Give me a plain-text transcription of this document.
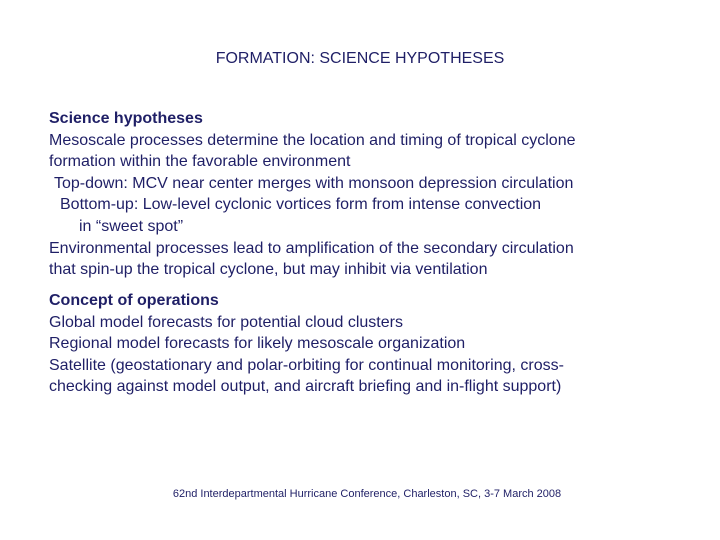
FORMATION: SCIENCE HYPOTHESES

Science hypotheses

Mesoscale processes determine the location and timing of tropical cyclone

formation within the favorable environment

Top-down: MCV near center merges with monsoon depression circulation

Bottom-up: Low-level cyclonic vortices form from intense convection

in “sweet spot”

Environmental processes lead to amplification of the secondary circulation

that spin-up the tropical cyclone, but may inhibit via ventilation

Concept of operations

Global model forecasts for potential cloud clusters

Regional model forecasts for likely mesoscale organization

Satellite (geostationary and polar-orbiting for continual monitoring, cross-

checking against model output, and aircraft briefing and in-flight support)

62nd Interdepartmental Hurricane Conference, Charleston, SC, 3-7 March 2008
